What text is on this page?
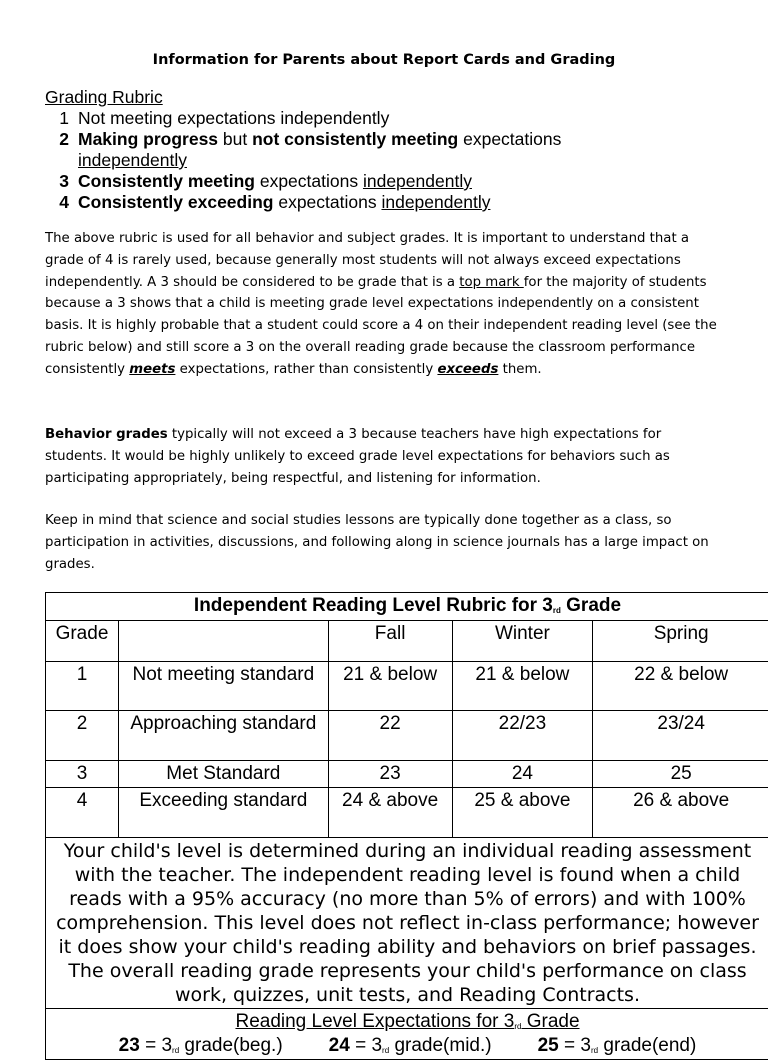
Information for Parents about Report Cards and Grading
Grading Rubric
1 Not meeting expectations independently
2 Making progress but not consistently meeting expectations
independently
3 Consistently meeting expectations independently
4 Consistently exceeding expectations independently
The above rubric is used for all behavior and subject grades. It is important to understand that a grade of 4 is rarely used, because generally most students will not always exceed expectations independently. A 3 should be considered to be grade that is a top mark for the majority of students because a 3 shows that a child is meeting grade level expectations independently on a consistent basis. It is highly probable that a student could score a 4 on their independent reading level (see the rubric below) and still score a 3 on the overall reading grade because the classroom performance consistently meets expectations, rather than consistently exceeds them.
Behavior grades typically will not exceed a 3 because teachers have high expectations for students. It would be highly unlikely to exceed grade level expectations for behaviors such as participating appropriately, being respectful, and listening for information.
Keep in mind that science and social studies lessons are typically done together as a class, so participation in activities, discussions, and following along in science journals has a large impact on grades.
Independent Reading Level Rubric for 3rd Grade				
Grade		Fall	Winter	Spring
1	Not meeting standard	21 & below	21 & below	22 & below
2	Approaching standard	22	22/23	23/24
3	Met Standard	23	24	25
4	Exceeding standard	24 & above	25 & above	26 & above
Your child's level is determined during an individual reading assessment with the teacher. The independent reading level is found when a child reads with a 95% accuracy (no more than 5% of errors) and with 100% comprehension. This level does not reflect in-class performance; however it does show your child's reading ability and behaviors on brief passages. The overall reading grade represents your child's performance on class work, quizzes, unit tests, and Reading Contracts.				

Reading Level Expectations for 3rd Grade
23 = 3rd grade(beg.) 24 = 3rd grade(mid.) 25 = 3rd grade(end)				
